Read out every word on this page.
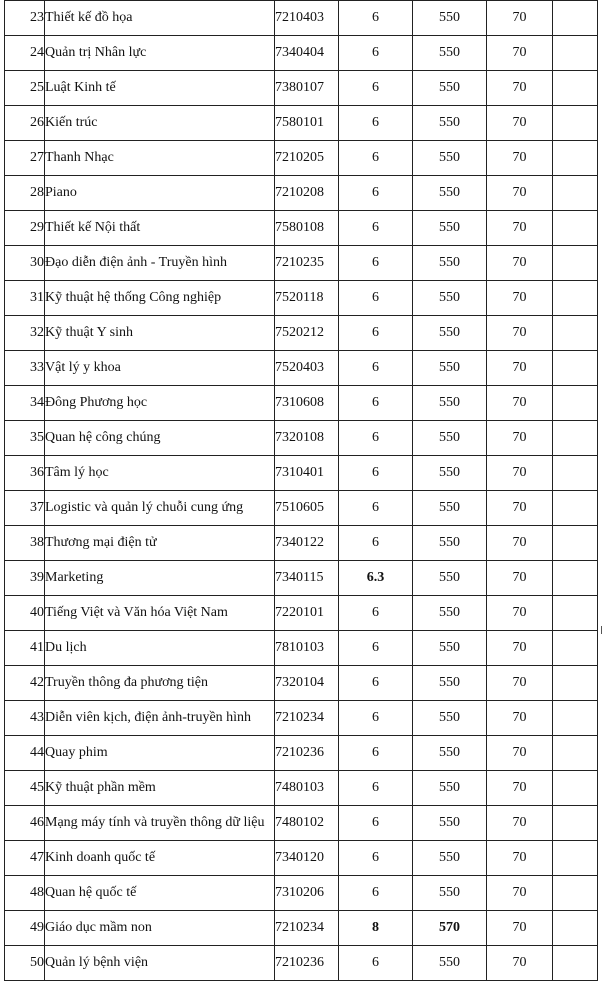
23	Thiết kế đồ họa	7210403	6	550	70	
24	Quản trị Nhân lực	7340404	6	550	70	
25	Luật Kinh tế	7380107	6	550	70	
26	Kiến trúc	7580101	6	550	70	
27	Thanh Nhạc	7210205	6	550	70	
28	Piano	7210208	6	550	70	
29	Thiết kế Nội thất	7580108	6	550	70	
30	Đạo diễn điện ảnh - Truyền hình	7210235	6	550	70	
31	Kỹ thuật hệ thống Công nghiệp	7520118	6	550	70	
32	Kỹ thuật Y sinh	7520212	6	550	70	
33	Vật lý y khoa	7520403	6	550	70	
34	Đông Phương học	7310608	6	550	70	
35	Quan hệ công chúng	7320108	6	550	70	
36	Tâm lý học	7310401	6	550	70	
37	Logistic và quản lý chuỗi cung ứng	7510605	6	550	70	
38	Thương mại điện tử	7340122	6	550	70	
39	Marketing	7340115	6.3	550	70	
40	Tiếng Việt và Văn hóa Việt Nam	7220101	6	550	70	
41	Du lịch	7810103	6	550	70	
42	Truyền thông đa phương tiện	7320104	6	550	70	
43	Diễn viên kịch, điện ảnh-truyền hình	7210234	6	550	70	
44	Quay phim	7210236	6	550	70	
45	Kỹ thuật phần mềm	7480103	6	550	70	
46	Mạng máy tính và truyền thông dữ liệu	7480102	6	550	70	
47	Kinh doanh quốc tế	7340120	6	550	70	
48	Quan hệ quốc tế	7310206	6	550	70	
49	Giáo dục mầm non	7210234	8	570	70	
50	Quản lý bệnh viện	7210236	6	550	70	
